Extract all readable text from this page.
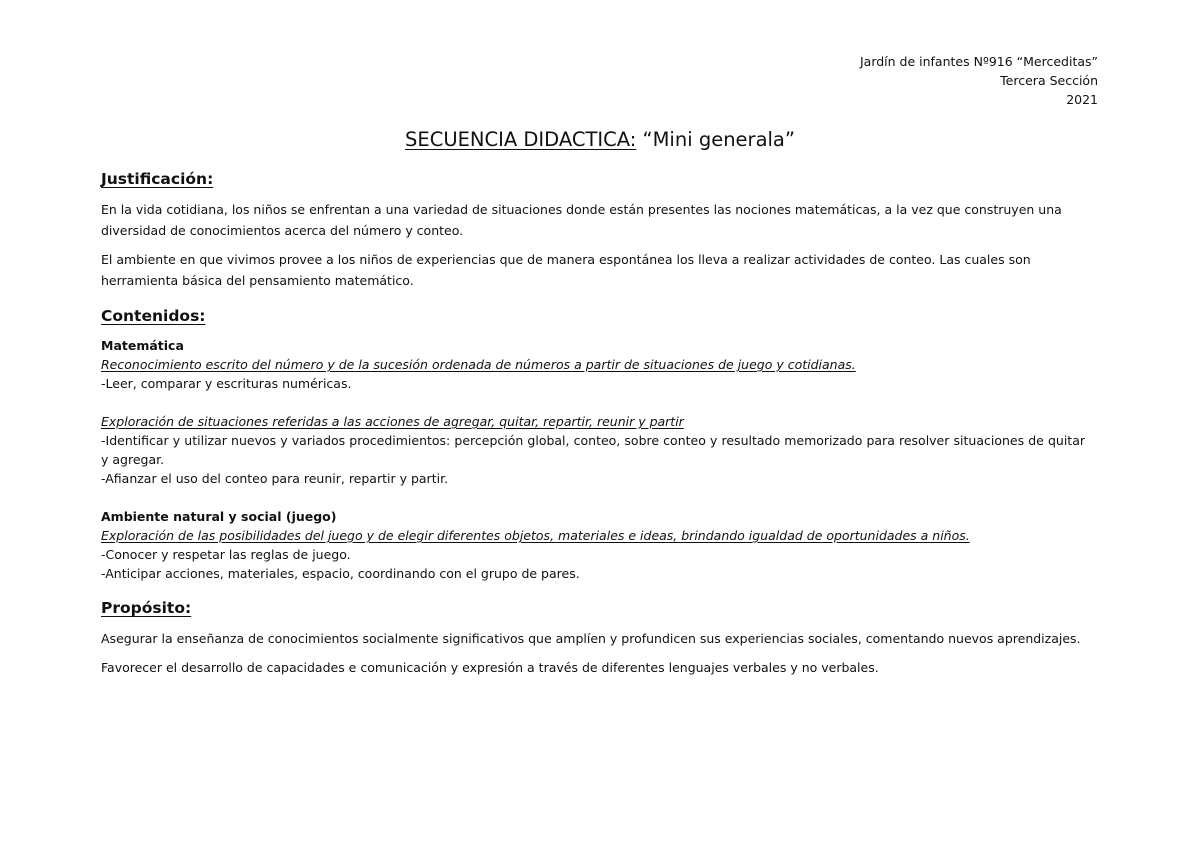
Jardín de infantes Nº916 “Merceditas”
Tercera Sección
2021
SECUENCIA DIDACTICA: “Mini generala”
Justificación:

En la vida cotidiana, los niños se enfrentan a una variedad de situaciones donde están presentes las nociones matemáticas, a la vez que construyen una diversidad de conocimientos acerca del número y conteo.

El ambiente en que vivimos provee a los niños de experiencias que de manera espontánea los lleva a realizar actividades de conteo. Las cuales son herramienta básica del pensamiento matemático.

Contenidos:
Matemática
Reconocimiento escrito del número y de la sucesión ordenada de números a partir de situaciones de juego y cotidianas.
-Leer, comparar y escrituras numéricas.
Exploración de situaciones referidas a las acciones de agregar, quitar, repartir, reunir y partir
-Identificar y utilizar nuevos y variados procedimientos: percepción global, conteo, sobre conteo y resultado memorizado para resolver situaciones de quitar y agregar.
-Afianzar el uso del conteo para reunir, repartir y partir.
Ambiente natural y social (juego)
Exploración de las posibilidades del juego y de elegir diferentes objetos, materiales e ideas, brindando igualdad de oportunidades a niños.
-Conocer y respetar las reglas de juego.
-Anticipar acciones, materiales, espacio, coordinando con el grupo de pares.
Propósito:

Asegurar la enseñanza de conocimientos socialmente significativos que amplíen y profundicen sus experiencias sociales, comentando nuevos aprendizajes.

Favorecer el desarrollo de capacidades e comunicación y expresión a través de diferentes lenguajes verbales y no verbales.
